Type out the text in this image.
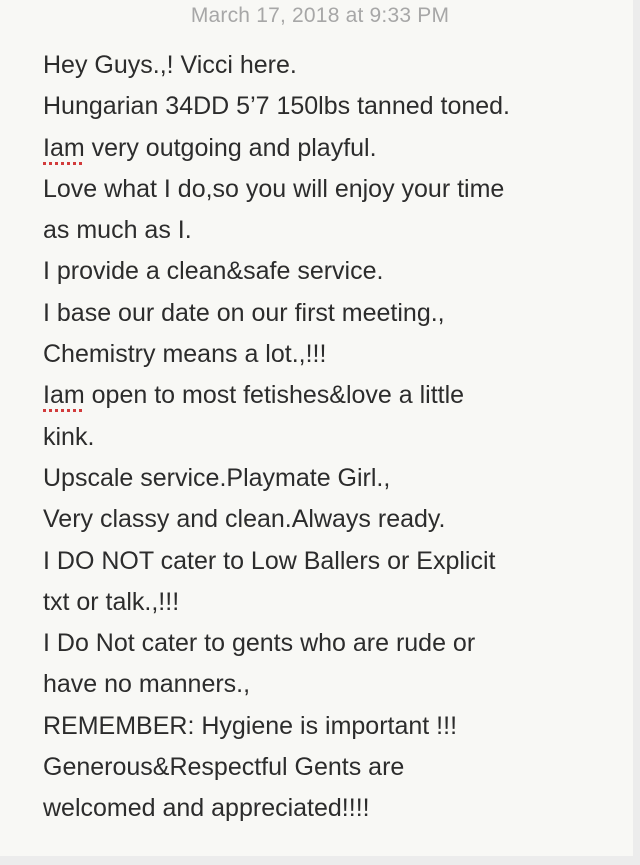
March 17, 2018 at 9:33 PM
Hey Guys.,! Vicci here.
Hungarian 34DD 5’7 150lbs tanned toned.
Iam very outgoing and playful.
Love what I do,so you will enjoy your time
as much as I.
I provide a clean&safe service.
I base our date on our first meeting.,
Chemistry means a lot.,!!!
Iam open to most fetishes&love a little
kink.
Upscale service.Playmate Girl.,
Very classy and clean.Always ready.
I DO NOT cater to Low Ballers or Explicit
txt or talk.,!!!
I Do Not cater to gents who are rude or
have no manners.,
REMEMBER: Hygiene is important !!!
Generous&Respectful Gents are
welcomed and appreciated!!!!
